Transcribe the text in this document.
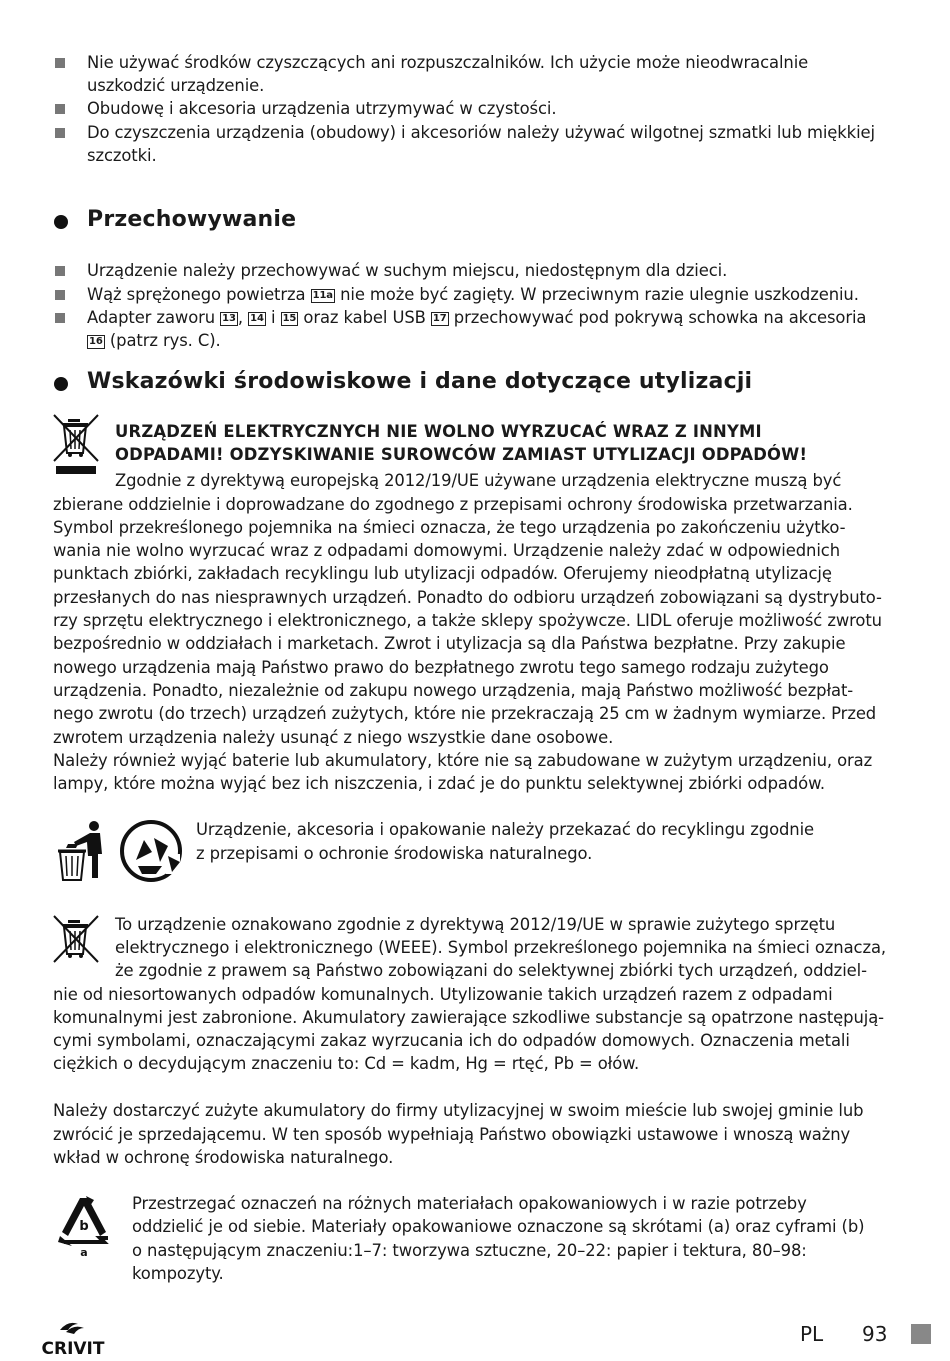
Nie używać środków czyszczących ani rozpuszczalników. Ich użycie może nieodwracalnie
uszkodzić urządzenie.
Obudowę i akcesoria urządzenia utrzymywać w czystości.
Do czyszczenia urządzenia (obudowy) i akcesoriów należy używać wilgotnej szmatki lub miękkiej
szczotki.
Przechowywanie
Urządzenie należy przechowywać w suchym miejscu, niedostępnym dla dzieci.
Wąż sprężonego powietrza 11a nie może być zagięty. W przeciwnym razie ulegnie uszkodzeniu.
Adapter zaworu 13 , 14 i 15 oraz kabel USB 17 przechowywać pod pokrywą schowka na akcesoria
16 (patrz rys. C).
Wskazówki środowiskowe i dane dotyczące utylizacji
URZĄDZEŃ ELEKTRYCZNYCH NIE WOLNO WYRZUCAĆ WRAZ Z INNYMI
ODPADAMI! ODZYSKIWANIE SUROWCÓW ZAMIAST UTYLIZACJI ODPADÓW!
Zgodnie z dyrektywą europejską 2012/19/UE używane urządzenia elektryczne muszą być
zbierane oddzielnie i doprowadzane do zgodnego z przepisami ochrony środowiska przetwarzania.
Symbol przekreślonego pojemnika na śmieci oznacza, że tego urządzenia po zakończeniu użytko-
wania nie wolno wyrzucać wraz z odpadami domowymi. Urządzenie należy zdać w odpowiednich
punktach zbiórki, zakładach recyklingu lub utylizacji odpadów. Oferujemy nieodpłatną utylizację
przesłanych do nas niesprawnych urządzeń. Ponadto do odbioru urządzeń zobowiązani są dystrybuto-
rzy sprzętu elektrycznego i elektronicznego, a także sklepy spożywcze. LIDL oferuje możliwość zwrotu
bezpośrednio w oddziałach i marketach. Zwrot i utylizacja są dla Państwa bezpłatne. Przy zakupie
nowego urządzenia mają Państwo prawo do bezpłatnego zwrotu tego samego rodzaju zużytego
urządzenia. Ponadto, niezależnie od zakupu nowego urządzenia, mają Państwo możliwość bezpłat-
nego zwrotu (do trzech) urządzeń zużytych, które nie przekraczają 25 cm w żadnym wymiarze. Przed
zwrotem urządzenia należy usunąć z niego wszystkie dane osobowe.
Należy również wyjąć baterie lub akumulatory, które nie są zabudowane w zużytym urządzeniu, oraz
lampy, które można wyjąć bez ich niszczenia, i zdać je do punktu selektywnej zbiórki odpadów.
Urządzenie, akcesoria i opakowanie należy przekazać do recyklingu zgodnie
z przepisami o ochronie środowiska naturalnego.
To urządzenie oznakowano zgodnie z dyrektywą 2012/19/UE w sprawie zużytego sprzętu
elektrycznego i elektronicznego (WEEE). Symbol przekreślonego pojemnika na śmieci oznacza,
że zgodnie z prawem są Państwo zobowiązani do selektywnej zbiórki tych urządzeń, oddziel-
nie od niesortowanych odpadów komunalnych. Utylizowanie takich urządzeń razem z odpadami
komunalnymi jest zabronione. Akumulatory zawierające szkodliwe substancje są opatrzone następują-
cymi symbolami, oznaczającymi zakaz wyrzucania ich do odpadów domowych. Oznaczenia metali
ciężkich o decydującym znaczeniu to: Cd = kadm, Hg = rtęć, Pb = ołów.
Należy dostarczyć zużyte akumulatory do firmy utylizacyjnej w swoim mieście lub swojej gminie lub
zwrócić je sprzedającemu. W ten sposób wypełniają Państwo obowiązki ustawowe i wnoszą ważny
wkład w ochronę środowiska naturalnego.
b
a
Przestrzegać oznaczeń na różnych materiałach opakowaniowych i w razie potrzeby
oddzielić je od siebie. Materiały opakowaniowe oznaczone są skrótami (a) oraz cyframi (b)
o następującym znaczeniu:1–7: tworzywa sztuczne, 20–22: papier i tektura, 80–98:
kompozyty.
CRIVIT
PL 93
